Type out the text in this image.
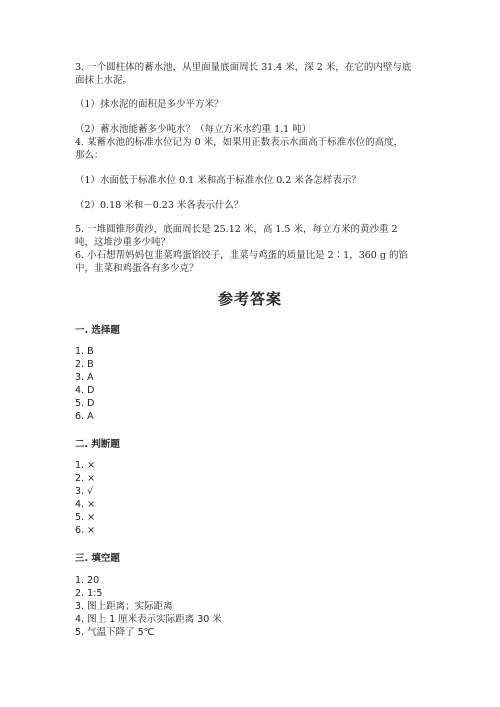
3. 一个圆柱体的蓄水池，从里面量底面周长 31.4 米，深 2 米，在它的内壁与底
面抹上水泥。
（1）抹水泥的面积是多少平方米？
（2）蓄水池能蓄多少吨水？（每立方米水约重 1.1 吨）
4. 某蓄水池的标准水位记为 0 米，如果用正数表示水面高于标准水位的高度，
那么：
（1）水面低于标准水位 0.1 米和高于标准水位 0.2 米各怎样表示？
（2）0.18 米和－0.23 米各表示什么？
5. 一堆圆锥形黄沙，底面周长是 25.12 米，高 1.5 米，每立方米的黄沙重 2
吨，这堆沙重多少吨？
6. 小石想帮妈妈包韭菜鸡蛋馅饺子，韭菜与鸡蛋的质量比是 2∶1，360 g 的馅
中，韭菜和鸡蛋各有多少克？
参考答案
一. 选择题
1. B
2. B
3. A
4. D
5. D
6. A
二. 判断题
1. ×
2. ×
3. √
4. ×
5. ×
6. ×
三. 填空题
1. 20
2. 1:5
3. 图上距离；实际距离
4. 图上 1 厘米表示实际距离 30 米
5. 气温下降了 5℃
